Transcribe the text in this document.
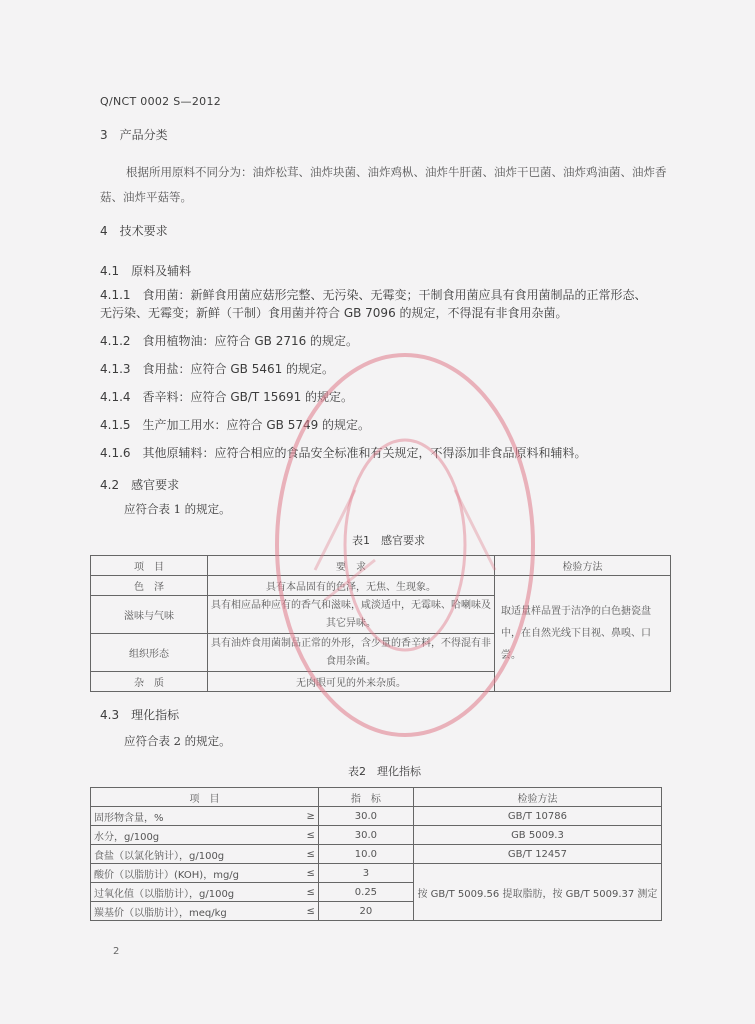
Q/NCT 0002 S—2012
3　产品分类
根据所用原料不同分为：油炸松茸、油炸块菌、油炸鸡枞、油炸牛肝菌、油炸干巴菌、油炸鸡油菌、油炸香菇、油炸平菇等。
4　技术要求
4.1　原料及辅料
4.1.1　食用菌：新鲜食用菌应菇形完整、无污染、无霉变；干制食用菌应具有食用菌制品的正常形态、
无污染、无霉变；新鲜（干制）食用菌并符合 GB 7096 的规定，不得混有非食用杂菌。
4.1.2　食用植物油：应符合 GB 2716 的规定。
4.1.3　食用盐：应符合 GB 5461 的规定。
4.1.4　香辛料：应符合 GB/T 15691 的规定。
4.1.5　生产加工用水：应符合 GB 5749 的规定。
4.1.6　其他原辅料：应符合相应的食品安全标准和有关规定，不得添加非食品原料和辅料。
4.2　感官要求
应符合表 1 的规定。
表1　感官要求
项　目	要　求	检验方法
色　泽	具有本品固有的色泽，无焦、生现象。	取适量样品置于洁净的白色搪瓷盘中，在自然光线下目视、鼻嗅、口尝。
滋味与气味	具有相应品种应有的香气和滋味，咸淡适中，无霉味、哈喇味及其它异味。	
组织形态	具有油炸食用菌制品正常的外形，含少量的香辛料，不得混有非食用杂菌。	
杂　质	无肉眼可见的外来杂质。	
4.3　理化指标
应符合表 2 的规定。
表2　理化指标
项　目		指　标	检验方法
固形物含量，%	≥	30.0	GB/T 10786
水分，g/100g	≤	30.0	GB 5009.3
食盐（以氯化钠计），g/100g	≤	10.0	GB/T 12457
酸价（以脂肪计）(KOH)，mg/g	≤	3	按 GB/T 5009.56 提取脂肪，按 GB/T 5009.37 测定
过氧化值（以脂肪计），g/100g	≤	0.25	
羰基价（以脂肪计），meq/kg	≤	20	
2
